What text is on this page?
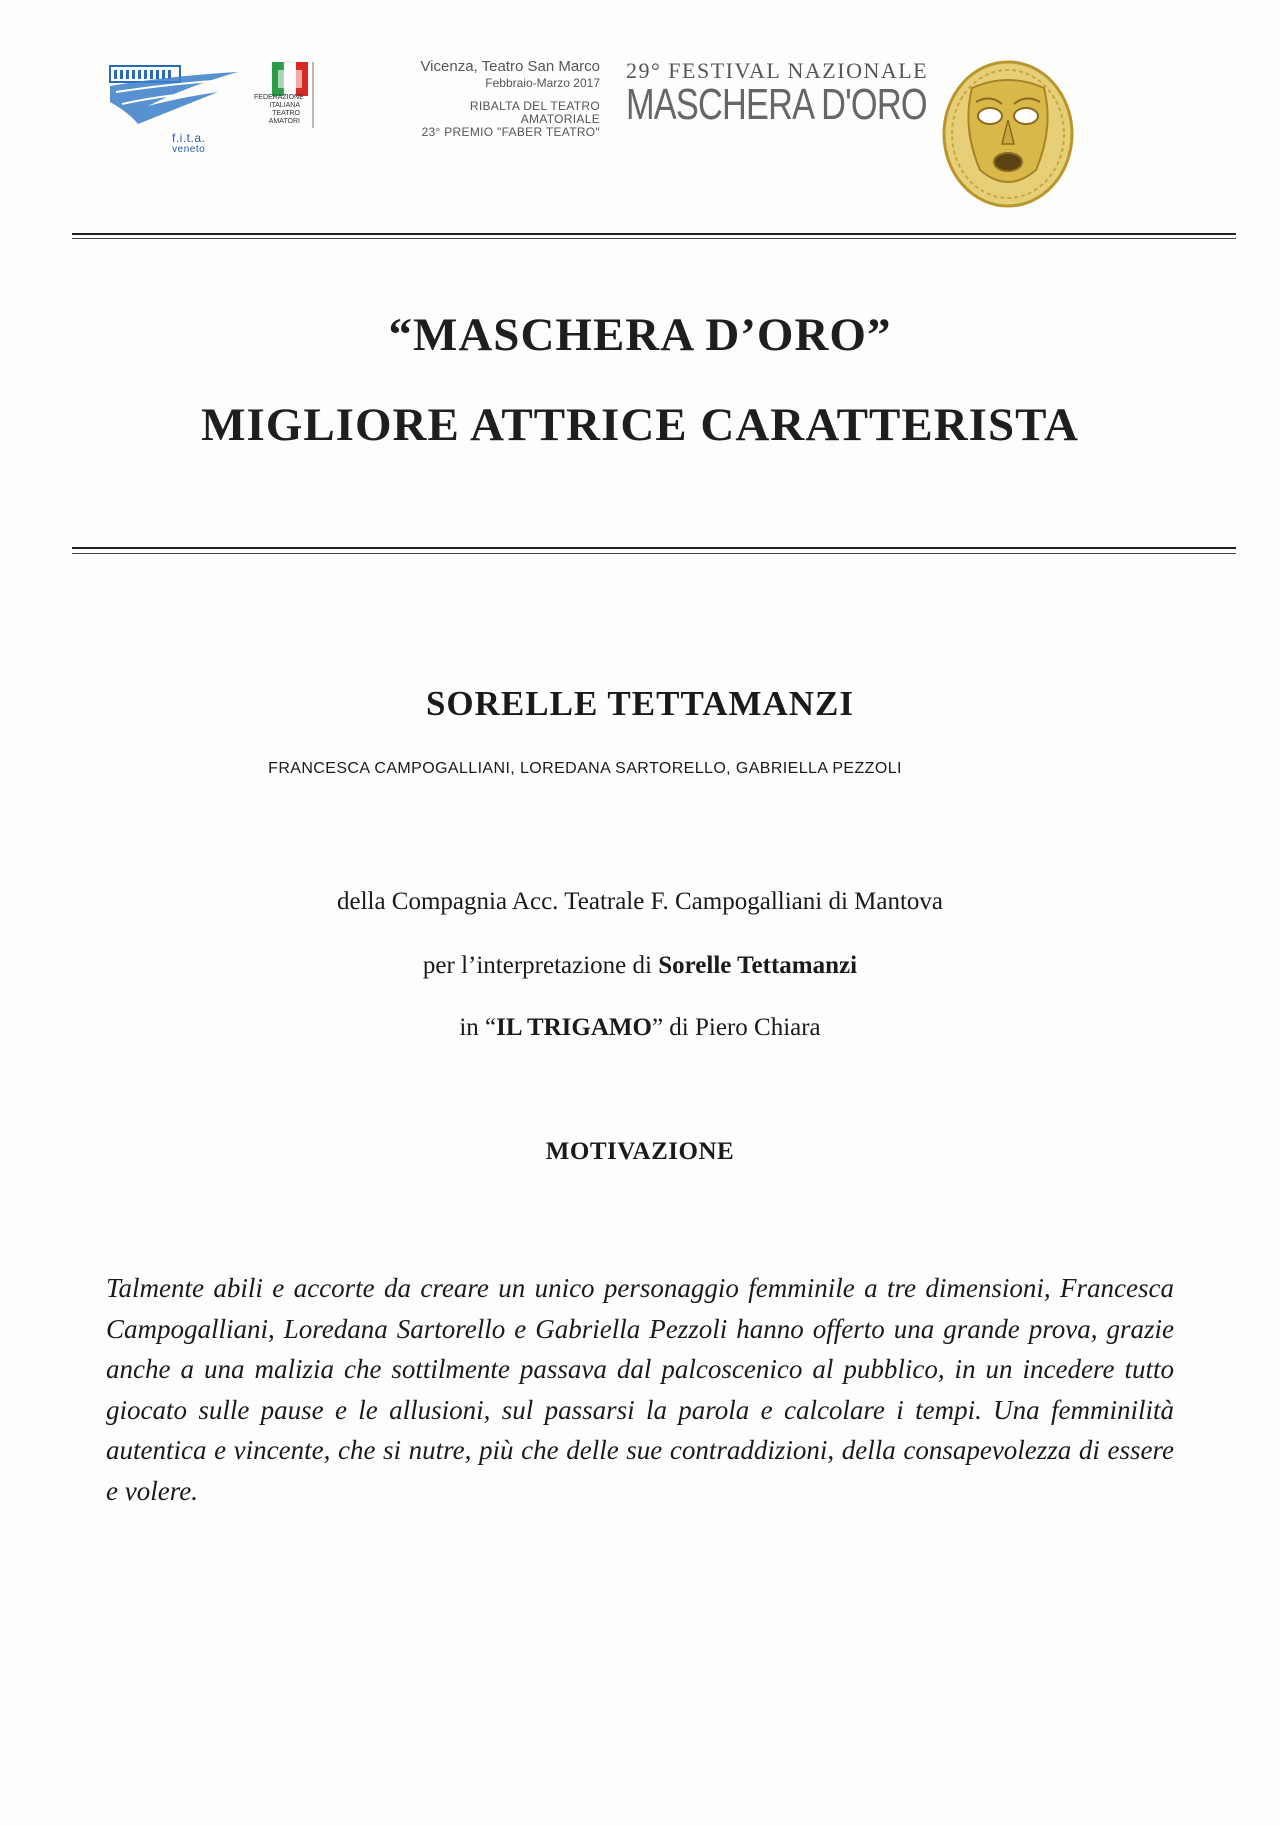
f.i.t.a.
veneto
FEDERAZIONE ITALIANA TEATRO AMATORI
Vicenza, Teatro San Marco
Febbraio-Marzo 2017
RIBALTA DEL TEATRO AMATORIALE
23° PREMIO "FABER TEATRO"
29° FESTIVAL NAZIONALE
MASCHERA D'ORO
“MASCHERA D’ORO”
MIGLIORE ATTRICE CARATTERISTA
SORELLE TETTAMANZI
FRANCESCA CAMPOGALLIANI, LOREDANA SARTORELLO, GABRIELLA PEZZOLI
della Compagnia Acc. Teatrale F. Campogalliani di Mantova
per l’interpretazione di Sorelle Tettamanzi
in “IL TRIGAMO” di Piero Chiara
MOTIVAZIONE
Talmente abili e accorte da creare un unico personaggio femminile a tre dimensioni, Francesca Campogalliani, Loredana Sartorello e Gabriella Pezzoli hanno offerto una grande prova, grazie anche a una malizia che sottilmente passava dal palcoscenico al pubblico, in un incedere tutto giocato sulle pause e le allusioni, sul passarsi la parola e calcolare i tempi. Una femminilità autentica e vincente, che si nutre, più che delle sue contraddizioni, della consapevolezza di essere e volere.
